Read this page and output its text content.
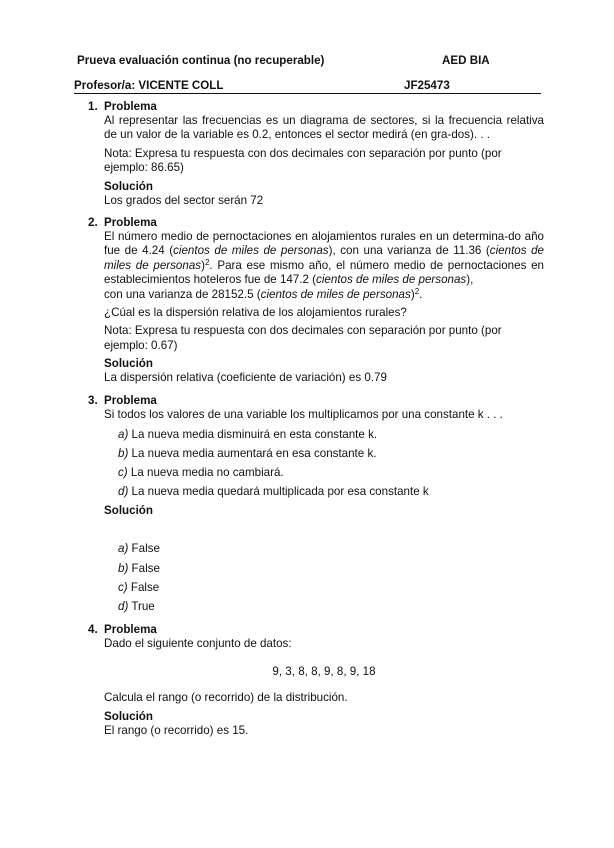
Prueva evaluación continua (no recuperable)	AED BIA
Profesor/a: VICENTE COLL	JF25473
1. Problema
Al representar las frecuencias es un diagrama de sectores, si la frecuencia relativa de un valor de la variable es 0.2, entonces el sector medirá (en gra-dos). . .
Nota: Expresa tu respuesta con dos decimales con separación por punto (por ejemplo: 86.65)
Solución
Los grados del sector serán 72
2. Problema
El número medio de pernoctaciones en alojamientos rurales en un determina-do año fue de 4.24 (cientos de miles de personas), con una varianza de 11.36 (cientos de miles de personas)$^2$. Para ese mismo año, el número medio de pernoctaciones en establecimientos hoteleros fue de 147.2 (cientos de miles de personas),
con una varianza de 28152.5 (cientos de miles de personas)$^2$.
¿Cúal es la dispersión relativa de los alojamientos rurales?
Nota: Expresa tu respuesta con dos decimales con separación por punto (por ejemplo: 0.67)
Solución
La dispersión relativa (coeficiente de variación) es 0.79
3. Problema
Si todos los valores de una variable los multiplicamos por una constante k . . .
a) La nueva media disminuirá en esta constante k.
b) La nueva media aumentará en esa constante k.
c) La nueva media no cambiará.
d) La nueva media quedará multiplicada por esa constante k
Solución
a) False
b) False
c) False
d) True
4. Problema
Dado el siguiente conjunto de datos:
9, 3, 8, 8, 9, 8, 9, 18
Calcula el rango (o recorrido) de la distribución.
Solución
El rango (o recorrido) es 15.
